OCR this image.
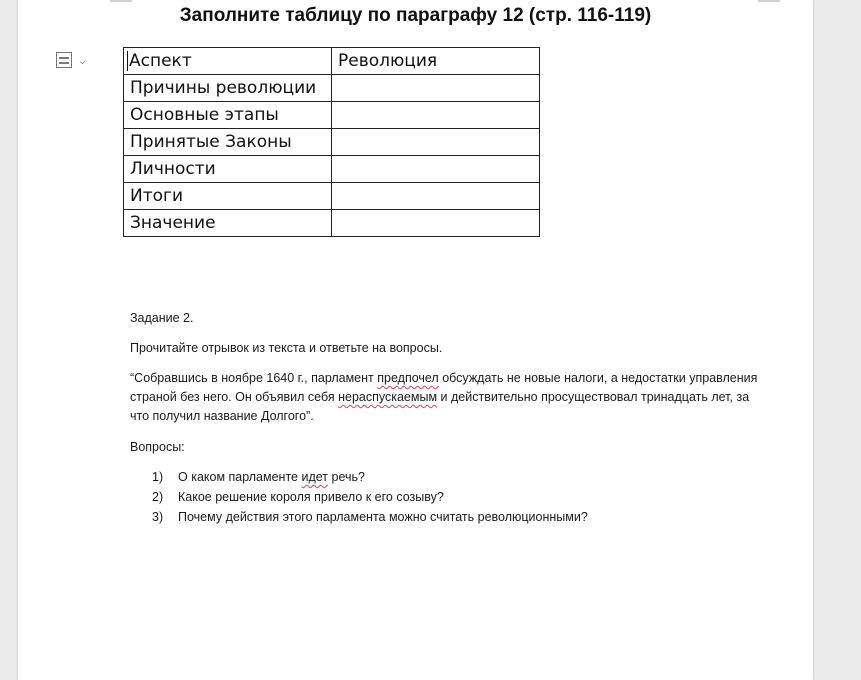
Заполните таблицу по параграфу 12 (стр. 116-119)
⌄ Аспект	Революция
Причины революции	
Основные этапы	
Принятые Законы	
Личности	
Итоги	
Значение	
Задание 2.
Прочитайте отрывок из текста и ответьте на вопросы.
“Собравшись в ноябре 1640 г., парламент предпочел обсуждать не новые налоги, а недостатки управления страной без него. Он объявил себя нераспускаемым и действительно просуществовал тринадцать лет, за что получил название Долгого”.
Вопросы:
1)	О каком парламенте идет речь?
2)	Какое решение короля привело к его созыву?
3)	Почему действия этого парламента можно считать революционными?
